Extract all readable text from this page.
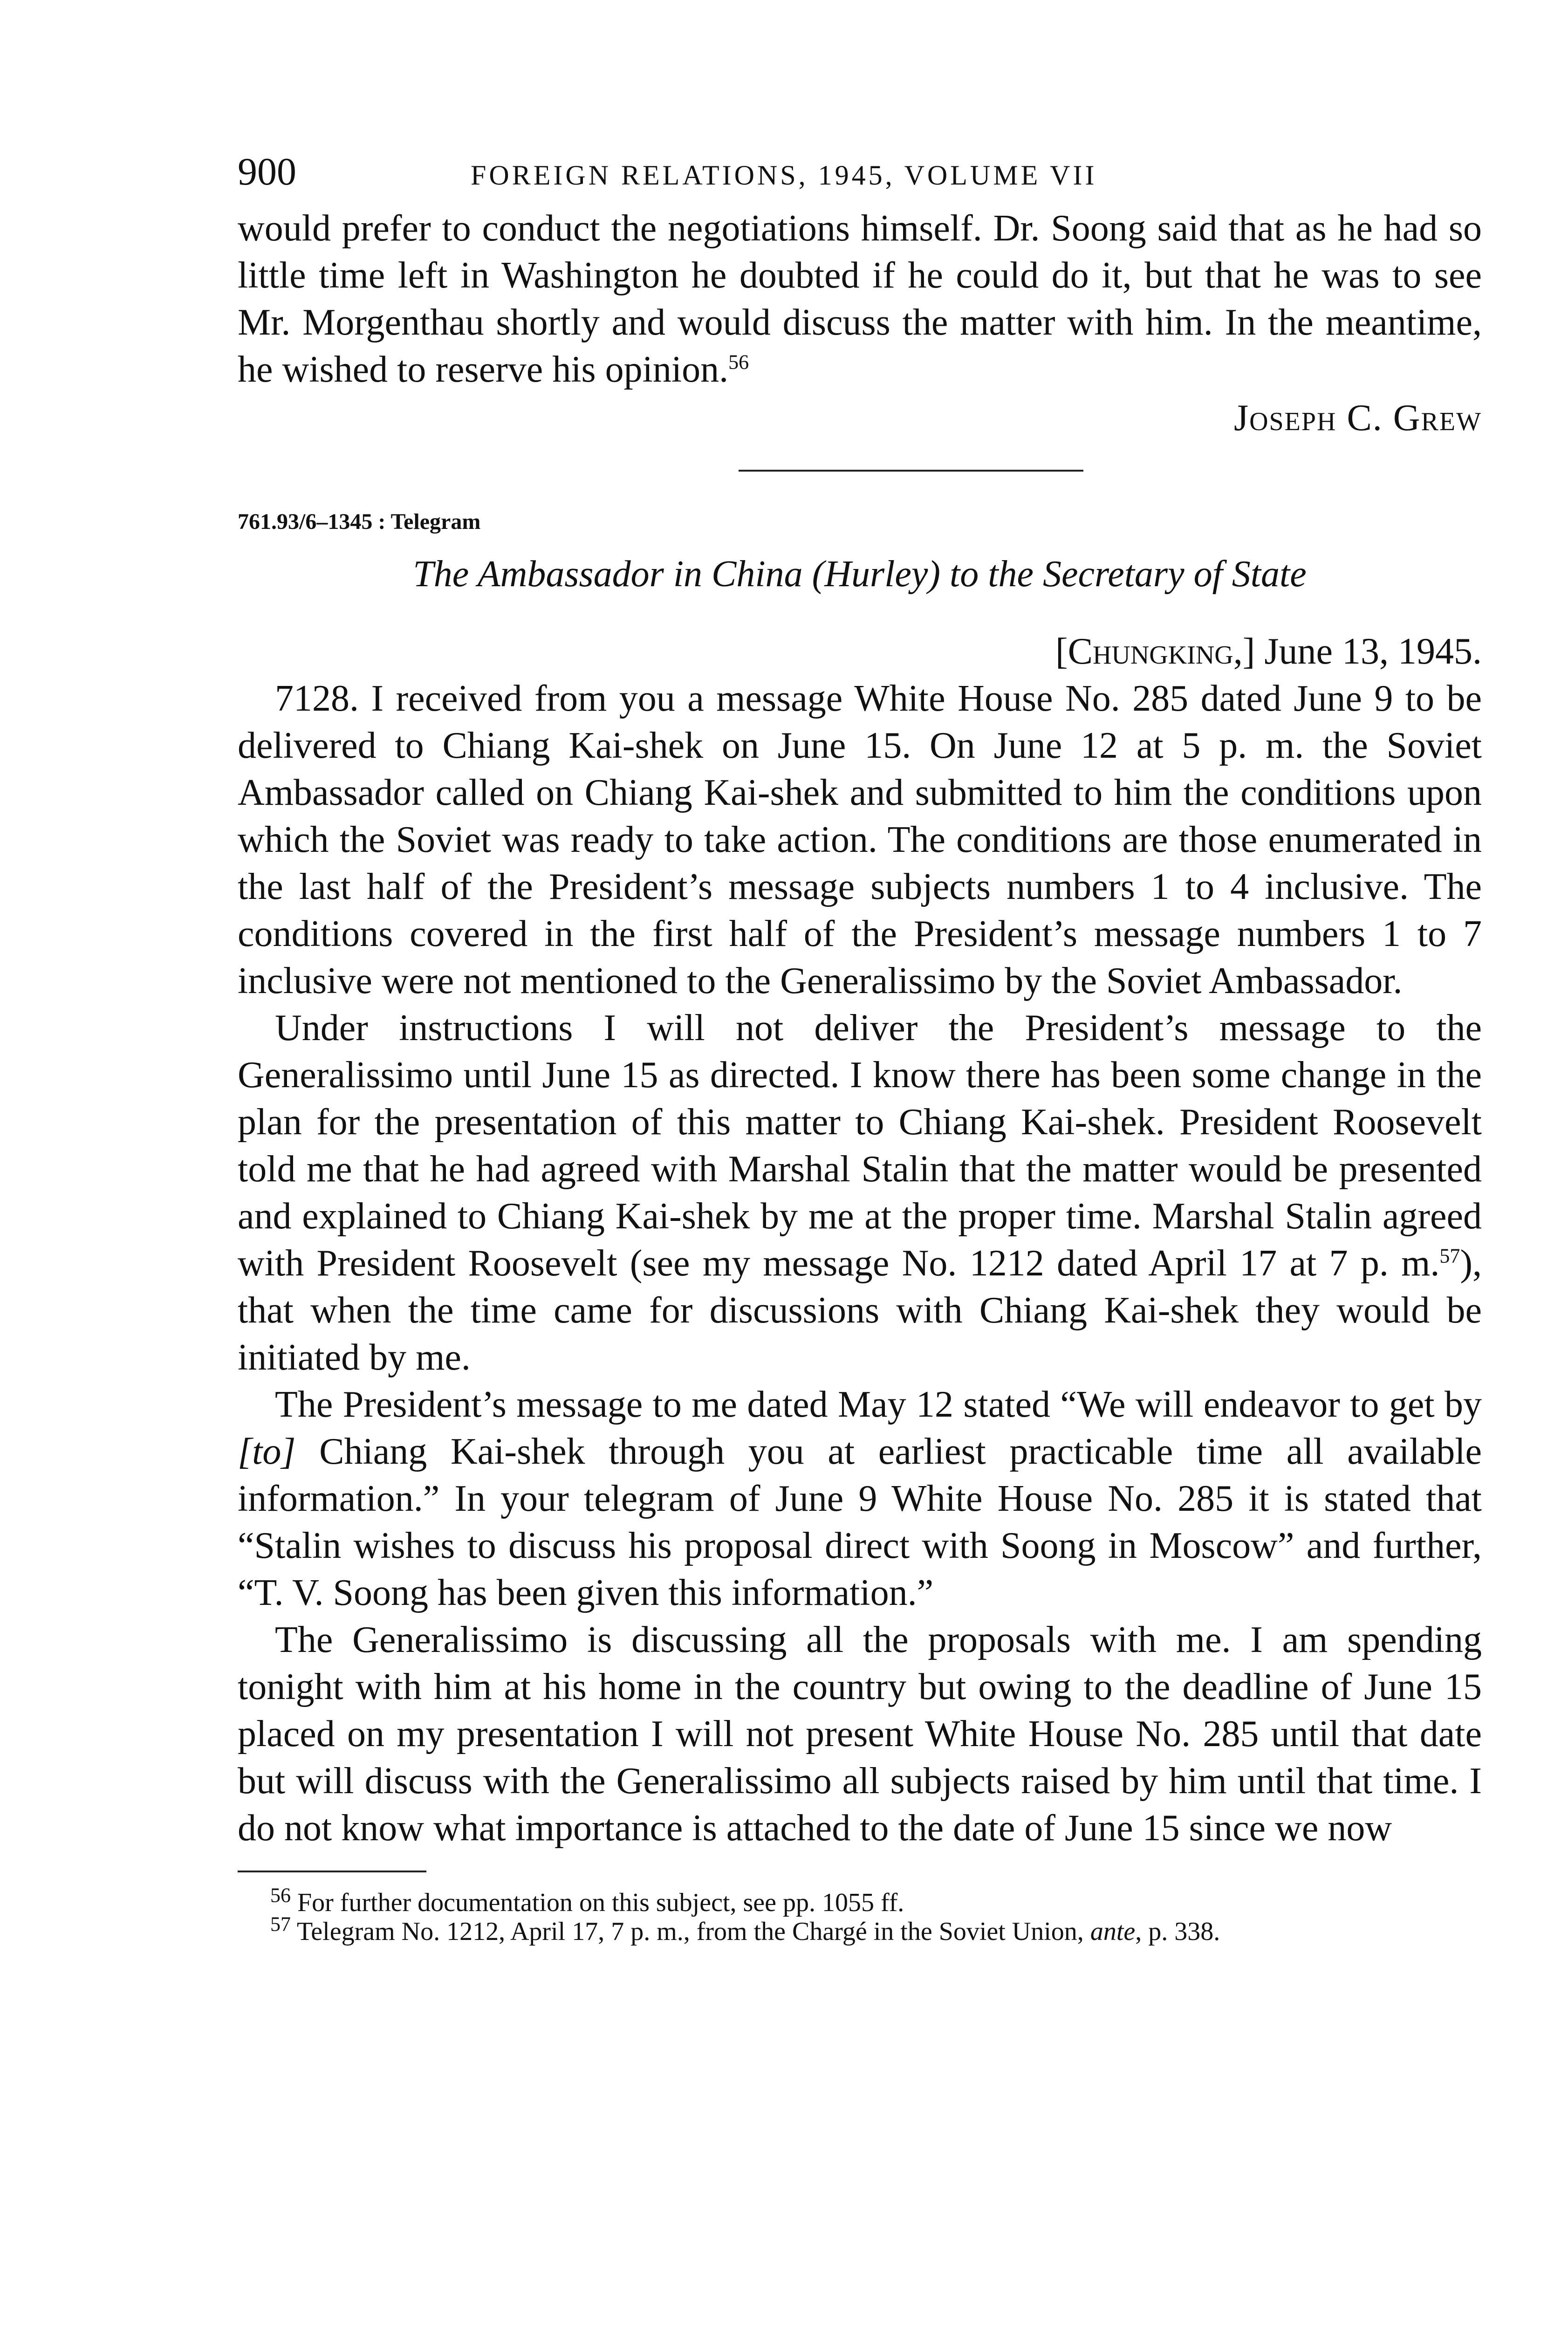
900	FOREIGN RELATIONS, 1945, VOLUME VII

would prefer to conduct the negotiations himself. Dr. Soong said that as he had so little time left in Washington he doubted if he could do it, but that he was to see Mr. Morgenthau shortly and would discuss the matter with him. In the meantime, he wished to reserve his opinion.$^{56}$

Joseph C. Grew
761.93/6–1345 : Telegram
The Ambassador in China (Hurley) to the Secretary of State
[Chungking,] June 13, 1945.

7128. I received from you a message White House No. 285 dated June 9 to be delivered to Chiang Kai-shek on June 15. On June 12 at 5 p. m. the Soviet Ambassador called on Chiang Kai-shek and submitted to him the conditions upon which the Soviet was ready to take action. The conditions are those enumerated in the last half of the President’s message subjects numbers 1 to 4 inclusive. The conditions covered in the first half of the President’s message numbers 1 to 7 inclusive were not mentioned to the Generalissimo by the Soviet Ambassador.

Under instructions I will not deliver the President’s message to the Generalissimo until June 15 as directed. I know there has been some change in the plan for the presentation of this matter to Chiang Kai-shek. President Roosevelt told me that he had agreed with Marshal Stalin that the matter would be presented and explained to Chiang Kai-shek by me at the proper time. Marshal Stalin agreed with President Roosevelt (see my message No. 1212 dated April 17 at 7 p. m.$^{57}$), that when the time came for discussions with Chiang Kai-shek they would be initiated by me.

The President’s message to me dated May 12 stated “We will endeavor to get by [to] Chiang Kai-shek through you at earliest practicable time all available information.” In your telegram of June 9 White House No. 285 it is stated that “Stalin wishes to discuss his proposal direct with Soong in Moscow” and further, “T. V. Soong has been given this information.”

The Generalissimo is discussing all the proposals with me. I am spending tonight with him at his home in the country but owing to the deadline of June 15 placed on my presentation I will not present White House No. 285 until that date but will discuss with the Generalissimo all subjects raised by him until that time. I do not know what importance is attached to the date of June 15 since we now

$^{56}$ For further documentation on this subject, see pp. 1055 ff.

$^{57}$ Telegram No. 1212, April 17, 7 p. m., from the Chargé in the Soviet Union, ante, p. 338.
